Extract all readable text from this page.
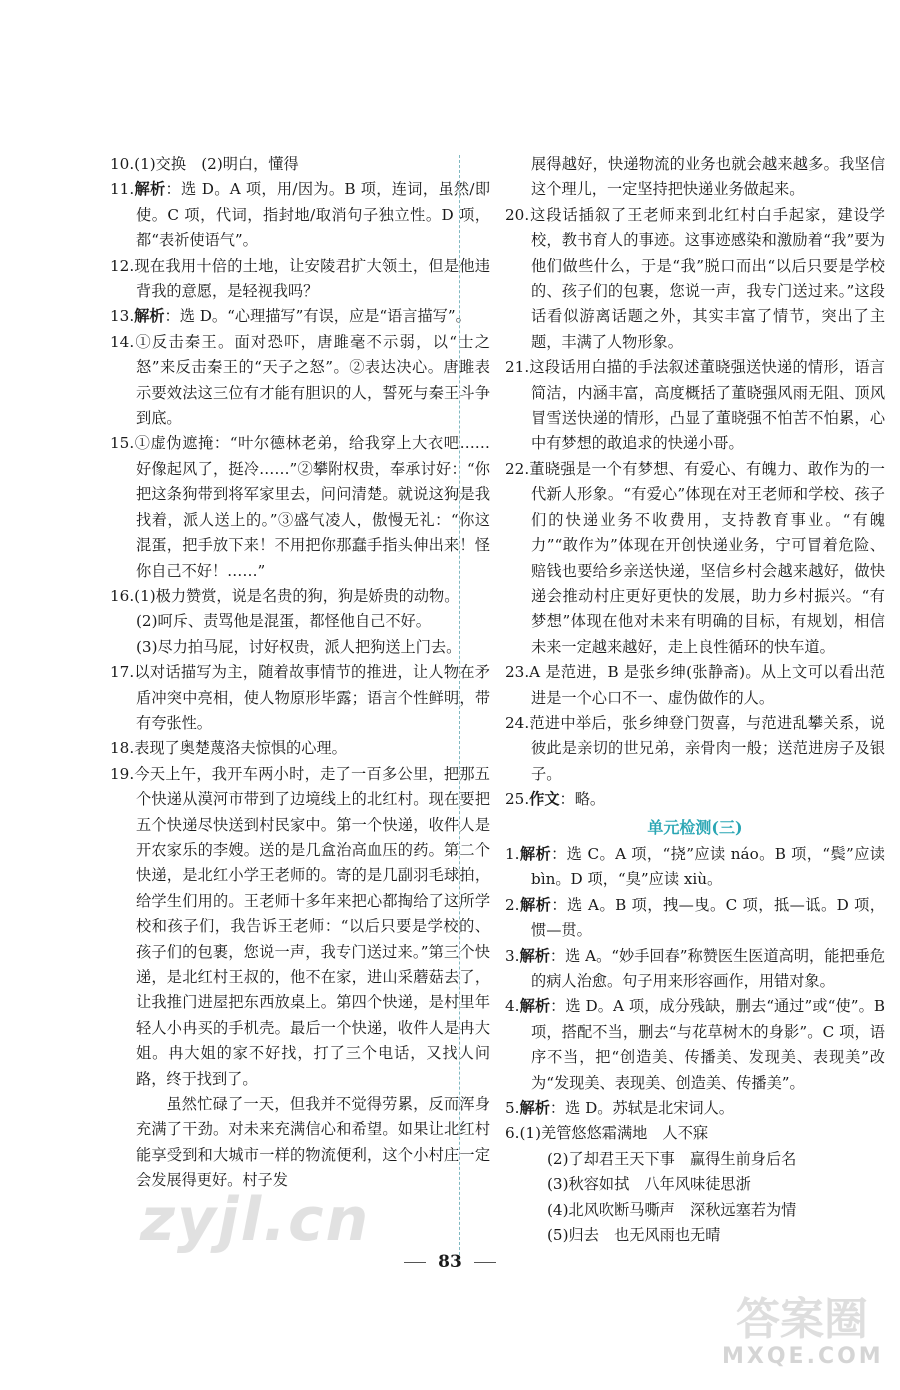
10.(1)交换　(2)明白，懂得

11.解析：选 D。A 项，用/因为。B 项，连词，虽然/即使。C 项，代词，指封地/取消句子独立性。D 项，都“表祈使语气”。

12.现在我用十倍的土地，让安陵君扩大领土，但是他违背我的意愿，是轻视我吗？

13.解析：选 D。“心理描写”有误，应是“语言描写”。

14.①反击秦王。面对恐吓，唐雎毫不示弱，以“士之怒”来反击秦王的“天子之怒”。②表达决心。唐雎表示要效法这三位有才能有胆识的人，誓死与秦王斗争到底。

15.①虚伪遮掩：“叶尔德林老弟，给我穿上大衣吧……好像起风了，挺冷……”②攀附权贵，奉承讨好：“你把这条狗带到将军家里去，问问清楚。就说这狗是我找着，派人送上的。”③盛气凌人，傲慢无礼：“你这混蛋，把手放下来！不用把你那蠢手指头伸出来！怪你自己不好！……”

16.(1)极力赞赏，说是名贵的狗，狗是娇贵的动物。

(2)呵斥、责骂他是混蛋，都怪他自己不好。

(3)尽力拍马屁，讨好权贵，派人把狗送上门去。

17.以对话描写为主，随着故事情节的推进，让人物在矛盾冲突中亮相，使人物原形毕露；语言个性鲜明，带有夸张性。

18.表现了奥楚蔑洛夫惊惧的心理。

19.今天上午，我开车两小时，走了一百多公里，把那五个快递从漠河市带到了边境线上的北红村。现在要把五个快递尽快送到村民家中。第一个快递，收件人是开农家乐的李嫂。送的是几盒治高血压的药。第二个快递，是北红小学王老师的。寄的是几副羽毛球拍，给学生们用的。王老师十多年来把心都掏给了这所学校和孩子们，我告诉王老师：“以后只要是学校的、孩子们的包裹，您说一声，我专门送过来。”第三个快递，是北红村王叔的，他不在家，进山采蘑菇去了，让我推门进屋把东西放桌上。第四个快递，是村里年轻人小冉买的手机壳。最后一个快递，收件人是冉大姐。冉大姐的家不好找，打了三个电话，又找人问路，终于找到了。

虽然忙碌了一天，但我并不觉得劳累，反而浑身充满了干劲。对未来充满信心和希望。如果让北红村能享受到和大城市一样的物流便利，这个小村庄一定会发展得更好。村子发

展得越好，快递物流的业务也就会越来越多。我坚信这个理儿，一定坚持把快递业务做起来。

20.这段话插叙了王老师来到北红村白手起家，建设学校，教书育人的事迹。这事迹感染和激励着“我”要为他们做些什么，于是“我”脱口而出“以后只要是学校的、孩子们的包裹，您说一声，我专门送过来。”这段话看似游离话题之外，其实丰富了情节，突出了主题，丰满了人物形象。

21.这段话用白描的手法叙述董晓强送快递的情形，语言简洁，内涵丰富，高度概括了董晓强风雨无阻、顶风冒雪送快递的情形，凸显了董晓强不怕苦不怕累，心中有梦想的敢追求的快递小哥。

22.董晓强是一个有梦想、有爱心、有魄力、敢作为的一代新人形象。“有爱心”体现在对王老师和学校、孩子们的快递业务不收费用，支持教育事业。“有魄力”“敢作为”体现在开创快递业务，宁可冒着危险、赔钱也要给乡亲送快递，坚信乡村会越来越好，做快递会推动村庄更好更快的发展，助力乡村振兴。“有梦想”体现在他对未来有明确的目标，有规划，相信未来一定越来越好，走上良性循环的快车道。

23.A 是范进，B 是张乡绅(张静斋)。从上文可以看出范进是一个心口不一、虚伪做作的人。

24.范进中举后，张乡绅登门贺喜，与范进乱攀关系，说彼此是亲切的世兄弟，亲骨肉一般；送范进房子及银子。

25.作文：略。

单元检测(三)

1.解析：选 C。A 项，“挠”应读 náo。B 项，“鬓”应读 bìn。D 项，“臭”应读 xiù。

2.解析：选 A。B 项，拽—曳。C 项，抵—诋。D 项，惯—贯。

3.解析：选 A。“妙手回春”称赞医生医道高明，能把垂危的病人治愈。句子用来形容画作，用错对象。

4.解析：选 D。A 项，成分残缺，删去“通过”或“使”。B 项，搭配不当，删去“与花草树木的身影”。C 项，语序不当，把“创造美、传播美、发现美、表现美”改为“发现美、表现美、创造美、传播美”。

5.解析：选 D。苏轼是北宋词人。

6.(1)羌管悠悠霜满地　人不寐

(2)了却君王天下事　赢得生前身后名

(3)秋容如拭　八年风味徒思浙

(4)北风吹断马嘶声　深秋远塞若为情

(5)归去　也无风雨也无晴

83
zyjl.cn
答案圈
MXQE.COM
